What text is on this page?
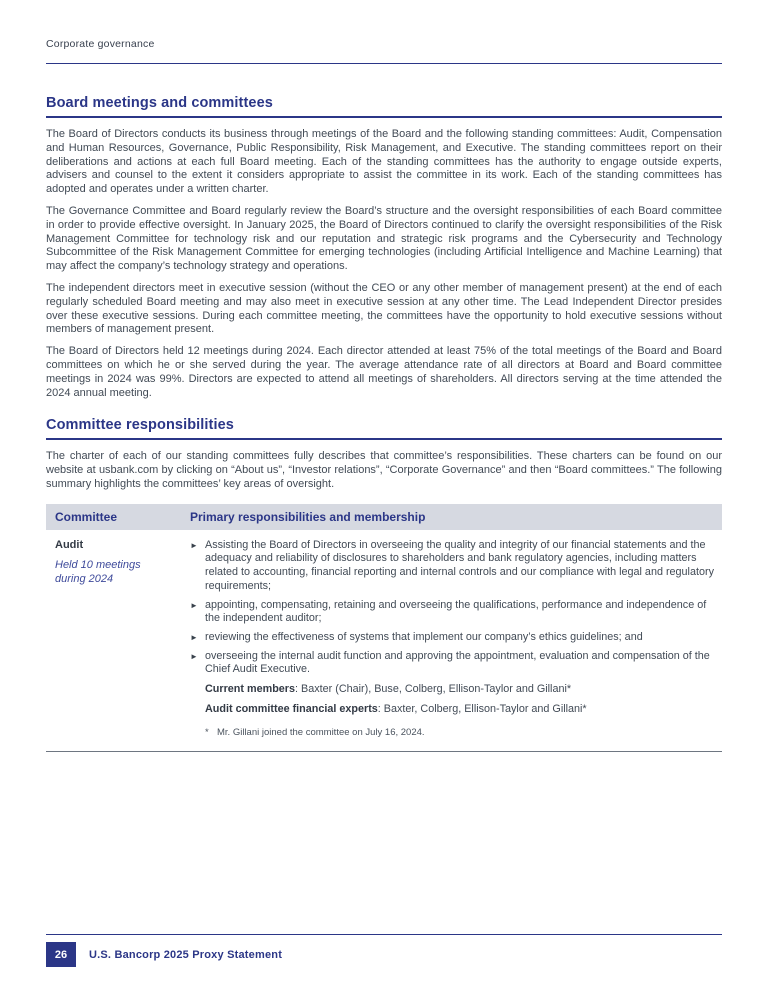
Corporate governance
Board meetings and committees

The Board of Directors conducts its business through meetings of the Board and the following standing committees: Audit, Compensation and Human Resources, Governance, Public Responsibility, Risk Management, and Executive. The standing committees report on their deliberations and actions at each full Board meeting. Each of the standing committees has the authority to engage outside experts, advisers and counsel to the extent it considers appropriate to assist the committee in its work. Each of the standing committees has adopted and operates under a written charter.

The Governance Committee and Board regularly review the Board’s structure and the oversight responsibilities of each Board committee in order to provide effective oversight. In January 2025, the Board of Directors continued to clarify the oversight responsibilities of the Risk Management Committee for technology risk and our reputation and strategic risk programs and the Cybersecurity and Technology Subcommittee of the Risk Management Committee for emerging technologies (including Artificial Intelligence and Machine Learning) that may affect the company’s technology strategy and operations.

The independent directors meet in executive session (without the CEO or any other member of management present) at the end of each regularly scheduled Board meeting and may also meet in executive session at any other time. The Lead Independent Director presides over these executive sessions. During each committee meeting, the committees have the opportunity to hold executive sessions without members of management present.

The Board of Directors held 12 meetings during 2024. Each director attended at least 75% of the total meetings of the Board and Board committees on which he or she served during the year. The average attendance rate of all directors at Board and Board committee meetings in 2024 was 99%. Directors are expected to attend all meetings of shareholders. All directors serving at the time attended the 2024 annual meeting.

Committee responsibilities

The charter of each of our standing committees fully describes that committee’s responsibilities. These charters can be found on our website at usbank.com by clicking on “About us”, “Investor relations”, “Corporate Governance” and then “Board committees.” The following summary highlights the committees’ key areas of oversight.

Committee	Primary responsibilities and membership
Audit
Held 10 meetings during 2024
► Assisting the Board of Directors in overseeing the quality and integrity of our financial statements and the adequacy and reliability of disclosures to shareholders and bank regulatory agencies, including matters related to accounting, financial reporting and internal controls and our compliance with legal and regulatory requirements;
► appointing, compensating, retaining and overseeing the qualifications, performance and independence of the independent auditor;
► reviewing the effectiveness of systems that implement our company’s ethics guidelines; and
► overseeing the internal audit function and approving the appointment, evaluation and compensation of the Chief Audit Executive.
Current members: Baxter (Chair), Buse, Colberg, Ellison-Taylor and Gillani*
Audit committee financial experts: Baxter, Colberg, Ellison-Taylor and Gillani*
* Mr. Gillani joined the committee on July 16, 2024.
26	U.S. Bancorp 2025 Proxy Statement
